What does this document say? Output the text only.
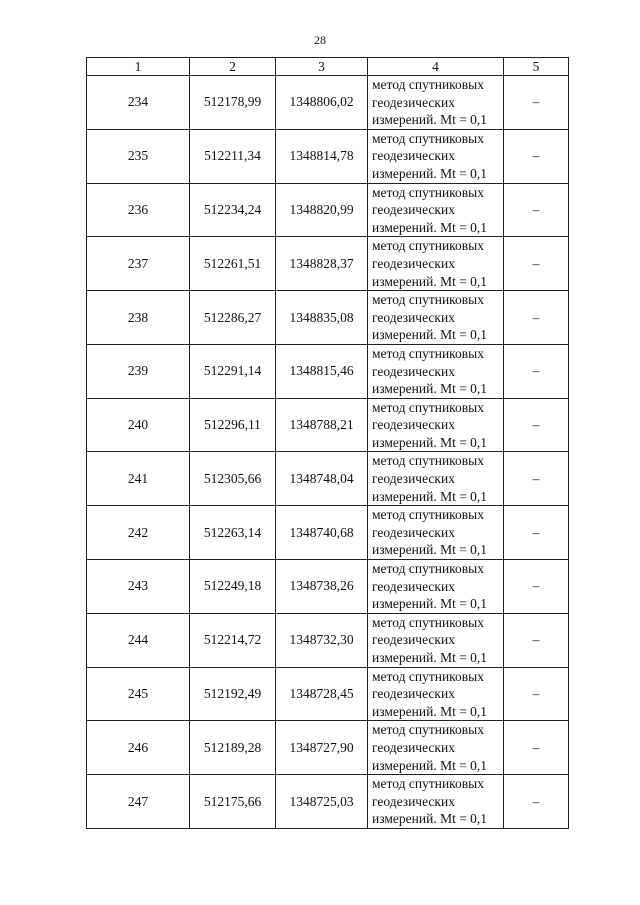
28
1	2	3	4	5
234	512178,99	1348806,02	метод спутниковых
геодезических
измерений. Mt = 0,1	–
235	512211,34	1348814,78	метод спутниковых
геодезических
измерений. Mt = 0,1	–
236	512234,24	1348820,99	метод спутниковых
геодезических
измерений. Mt = 0,1	–
237	512261,51	1348828,37	метод спутниковых
геодезических
измерений. Mt = 0,1	–
238	512286,27	1348835,08	метод спутниковых
геодезических
измерений. Mt = 0,1	–
239	512291,14	1348815,46	метод спутниковых
геодезических
измерений. Mt = 0,1	–
240	512296,11	1348788,21	метод спутниковых
геодезических
измерений. Mt = 0,1	–
241	512305,66	1348748,04	метод спутниковых
геодезических
измерений. Mt = 0,1	–
242	512263,14	1348740,68	метод спутниковых
геодезических
измерений. Mt = 0,1	–
243	512249,18	1348738,26	метод спутниковых
геодезических
измерений. Mt = 0,1	–
244	512214,72	1348732,30	метод спутниковых
геодезических
измерений. Mt = 0,1	–
245	512192,49	1348728,45	метод спутниковых
геодезических
измерений. Mt = 0,1	–
246	512189,28	1348727,90	метод спутниковых
геодезических
измерений. Mt = 0,1	–
247	512175,66	1348725,03	метод спутниковых
геодезических
измерений. Mt = 0,1	–
